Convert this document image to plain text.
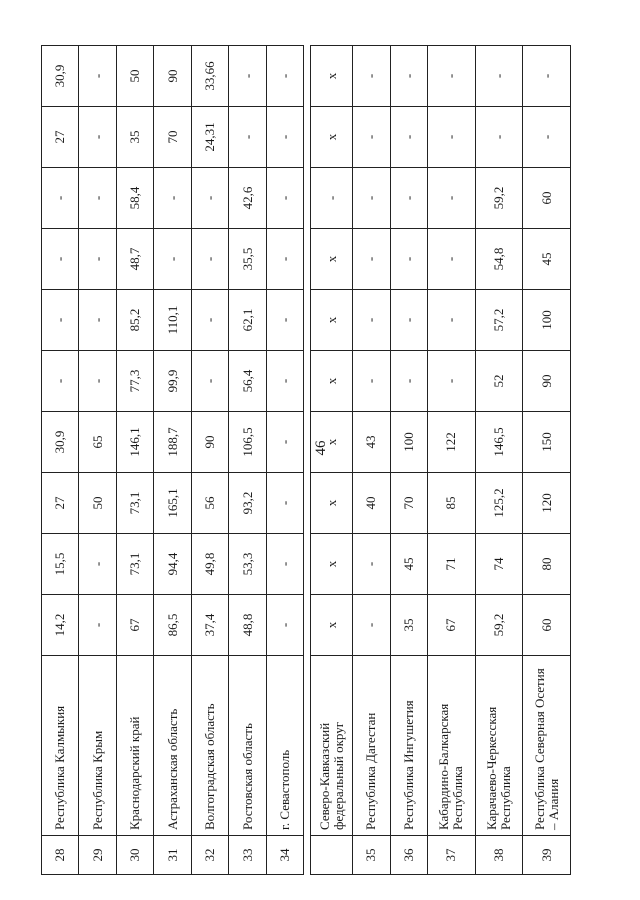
46
28	Республика Калмыкия	14,2	15,5	27	30,9	-	-	-	-	27	30,9
29	Республика Крым	-	-	50	65	-	-	-	-	-	-
30	Краснодарский край	67	73,1	73,1	146,1	77,3	85,2	48,7	58,4	35	50
31	Астраханская область	86,5	94,4	165,1	188,7	99,9	110,1	-	-	70	90
32	Волгоградская область	37,4	49,8	56	90	-	-	-	-	24,31	33,66
33	Ростовская область	48,8	53,3	93,2	106,5	56,4	62,1	35,5	42,6	-	-
34	г. Севастополь	-	-	-	-	-	-	-	-	-	-

	Северо-Кавказский федеральный округ	х	х	х	х	х	х	х	-	х	х
35	Республика Дагестан	-	-	40	43	-	-	-	-	-	-
36	Республика Ингушетия	35	45	70	100	-	-	-	-	-	-
37	Кабардино-Балкарская Республика	67	71	85	122	-	-	-	-	-	-
38	Карачаево-Черкесская Республика	59,2	74	125,2	146,5	52	57,2	54,8	59,2	-	-
39	Республика Северная Осетия – Алания	60	80	120	150	90	100	45	60	-	-
